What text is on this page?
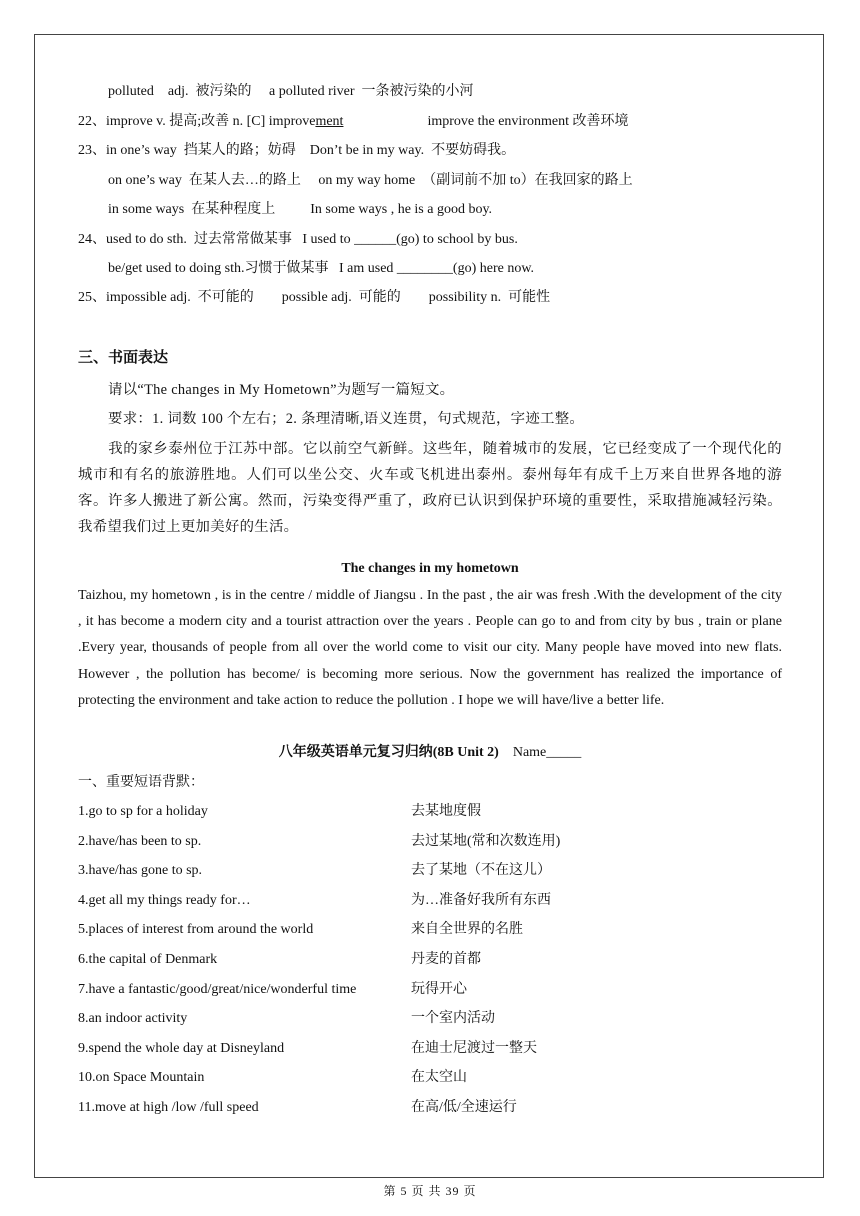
polluted    adj.  被污染的     a polluted river  一条被污染的小河
22、improve v. 提高;改善 n. [C] improvement	improve the environment 改善环境
23、in one’s way  挡某人的路；妨碍    Don’t be in my way.  不要妨碍我。
on one’s way  在某人去…的路上     on my way home  （副词前不加 to）在我回家的路上
in some ways  在某种程度上          In some ways , he is a good boy.
24、used to do sth.  过去常常做某事   I used to ______(go) to school by bus.
be/get used to doing sth.习惯于做某事   I am used ________(go) here now.
25、impossible adj.  不可能的        possible adj.  可能的        possibility n.  可能性
三、书面表达
请以“The changes in My Hometown”为题写一篇短文。
要求：1. 词数 100 个左右；2. 条理清晰,语义连贯，句式规范，字迹工整。
我的家乡泰州位于江苏中部。它以前空气新鲜。这些年，随着城市的发展，它已经变成了一个现代化的城市和有名的旅游胜地。人们可以坐公交、火车或飞机进出泰州。泰州每年有成千上万来自世界各地的游客。许多人搬进了新公寓。然而，污染变得严重了，政府已认识到保护环境的重要性，采取措施减轻污染。我希望我们过上更加美好的生活。
The changes in my hometown
Taizhou, my hometown , is in the centre / middle of Jiangsu . In the past , the air was fresh .With the development of the city , it has become a modern city and a tourist attraction over the years . People can go to and from city by bus , train or plane .Every year, thousands of people from all over the world come to visit our city. Many people have moved into new flats. However , the pollution has become/ is becoming more serious. Now the government has realized the importance of protecting the environment and take action to reduce the pollution . I hope we will have/live a better life.
八年级英语单元复习归纳(8B Unit 2) Name_____
一、重要短语背默：
1.go to sp for a holiday	去某地度假
2.have/has been to sp.	去过某地(常和次数连用)
3.have/has gone to sp.	去了某地（不在这儿）
4.get all my things ready for…	为…准备好我所有东西
5.places of interest from around the world	来自全世界的名胜
6.the capital of Denmark	丹麦的首都
7.have a fantastic/good/great/nice/wonderful time	玩得开心
8.an indoor activity	一个室内活动
9.spend the whole day at Disneyland	在迪士尼渡过一整天
10.on Space Mountain	在太空山
11.move at high /low /full speed	在高/低/全速运行
第 5 页 共 39 页
